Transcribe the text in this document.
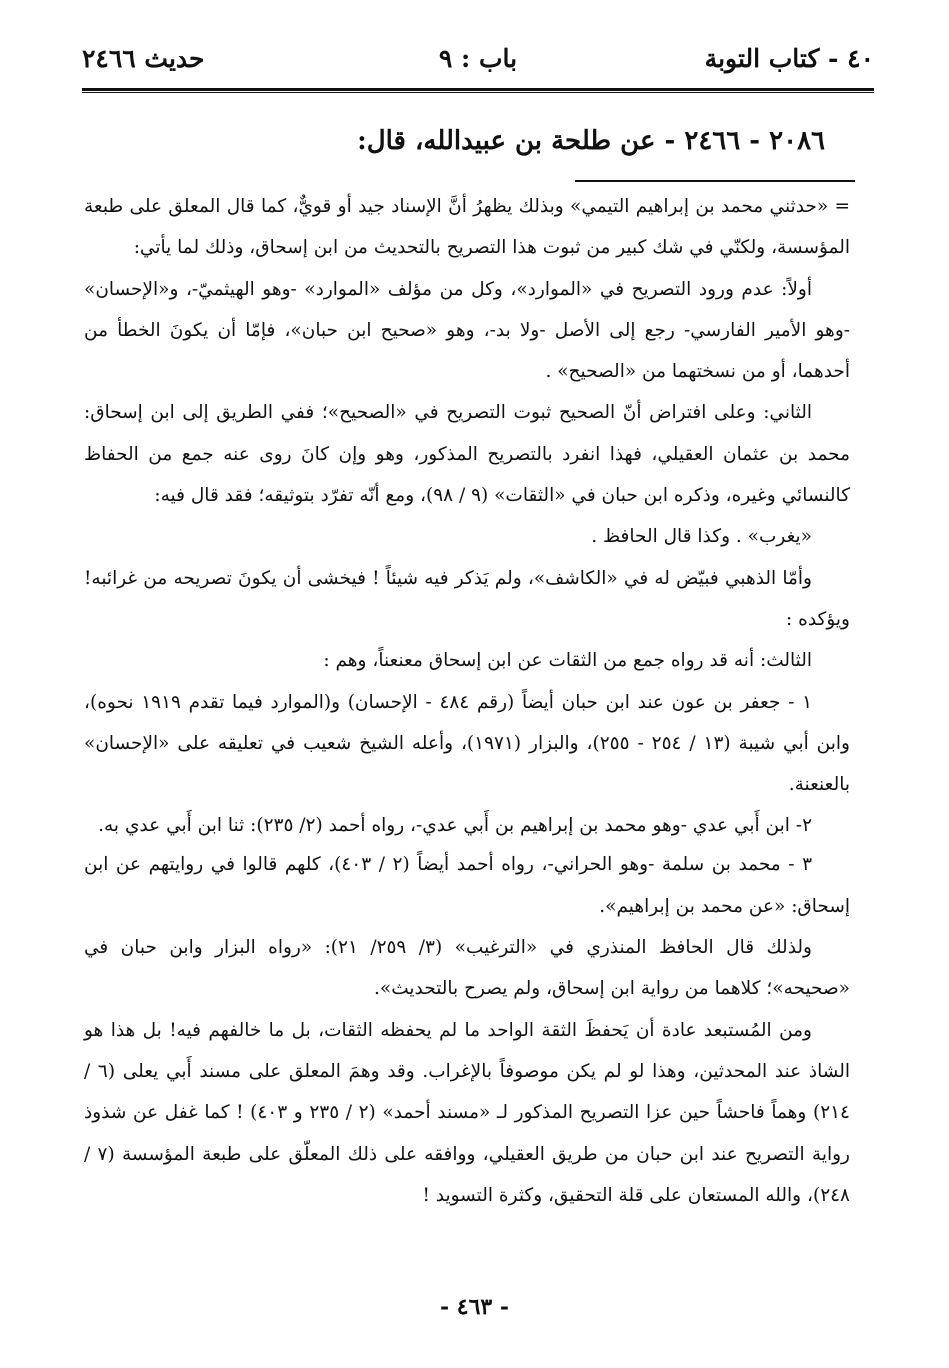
٤٠ - كتاب التوبة
باب : ٩
حديث ٢٤٦٦
٢٠٨٦ - ٢٤٦٦ - عن طلحة بن عبيدالله، قال:

= «حدثني محمد بن إبراهيم التيمي» وبذلك يظهرُ أنَّ الإسناد جيد أو قويٌّ، كما قال المعلق على طبعة المؤسسة، ولكنّي في شك كبير من ثبوت هذا التصريح بالتحديث من ابن إسحاق، وذلك لما يأتي:

أولاً: عدم ورود التصريح في «الموارد»، وكل من مؤلف «الموارد» -وهو الهيثميّ-، و«الإحسان» -وهو الأمير الفارسي- رجع إلى الأصل -ولا بد-، وهو «صحيح ابن حبان»، فإمّا أن يكونَ الخطأ من أحدهما، أو من نسختهما من «الصحيح» .

الثاني: وعلى افتراض أنّ الصحيح ثبوت التصريح في «الصحيح»؛ ففي الطريق إلى ابن إسحاق: محمد بن عثمان العقيلي، فهذا انفرد بالتصريح المذكور، وهو وإن كانَ روى عنه جمع من الحفاظ كالنسائي وغيره، وذكره ابن حبان في «الثقات» (٩ / ٩٨)، ومع أنّه تفرّد بتوثيقه؛ فقد قال فيه:

«يغرب» . وكذا قال الحافظ .

وأمّا الذهبي فبيّض له في «الكاشف»، ولم يَذكر فيه شيئاً ! فيخشى أن يكونَ تصريحه من غرائبه! ويؤكده :

الثالث: أنه قد رواه جمع من الثقات عن ابن إسحاق معنعناً، وهم :

١ - جعفر بن عون عند ابن حبان أيضاً (رقم ٤٨٤ - الإحسان) و(الموارد فيما تقدم ١٩١٩ نحوه)، وابن أبي شيبة (١٣ / ٢٥٤ - ٢٥٥)، والبزار (١٩٧١)، وأعله الشيخ شعيب في تعليقه على «الإحسان» بالعنعنة.

٢- ابن أَبي عدي -وهو محمد بن إبراهيم بن أَبي عدي-، رواه أحمد (٢/ ٢٣٥): ثنا ابن أَبي عدي به.

٣ - محمد بن سلمة -وهو الحراني-، رواه أحمد أيضاً (٢ / ٤٠٣)، كلهم قالوا في روايتهم عن ابن إسحاق: «عن محمد بن إبراهيم».

ولذلك قال الحافظ المنذري في «الترغيب» (٣/ ٢٥٩/ ٢١): «رواه البزار وابن حبان في «صحيحه»؛ كلاهما من رواية ابن إسحاق، ولم يصرح بالتحديث».

ومن المُستبعد عادة أن يَحفظَ الثقة الواحد ما لم يحفظه الثقات، بل ما خالفهم فيه! بل هذا هو الشاذ عند المحدثين، وهذا لو لم يكن موصوفاً بالإغراب. وقد وهمَ المعلق على مسند أَبي يعلى (٦ / ٢١٤) وهماً فاحشاً حين عزا التصريح المذكور لـ «مسند أحمد» (٢ / ٢٣٥ و ٤٠٣) ! كما غفل عن شذوذ رواية التصريح عند ابن حبان من طريق العقيلي، ووافقه على ذلك المعلّق على طبعة المؤسسة (٧ / ٢٤٨)، والله المستعان على قلة التحقيق، وكثرة التسويد !

- ٤٦٣ -
